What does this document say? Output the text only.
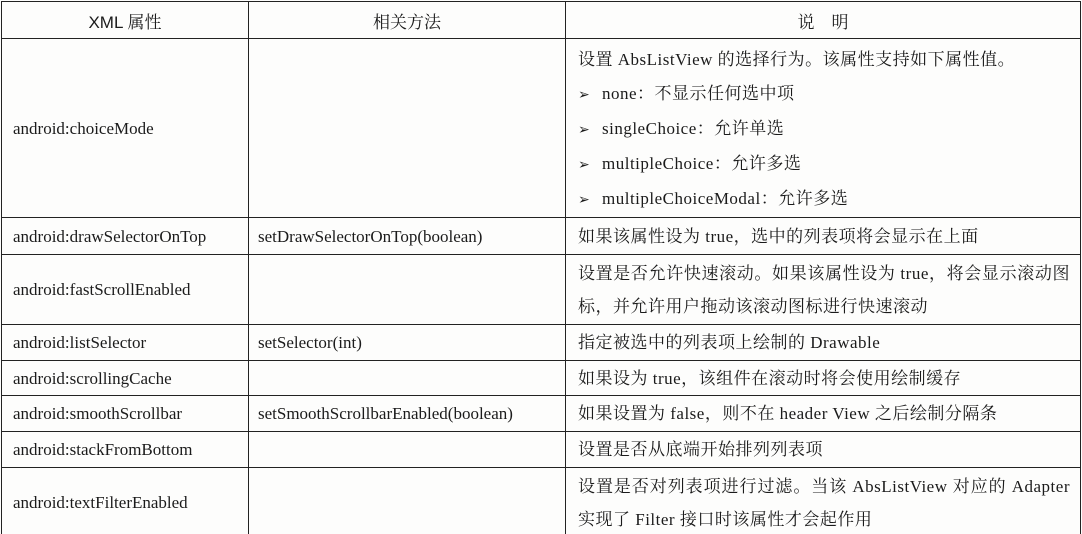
XML 属性	相关方法	说　明
android:choiceMode		设置 AbsListView 的选择行为。该属性支持如下属性值。
➢none：不显示任何选中项
➢singleChoice：允许单选
➢multipleChoice：允许多选
➢multipleChoiceModal：允许多选

android:drawSelectorOnTop	setDrawSelectorOnTop(boolean)	如果该属性设为 true，选中的列表项将会显示在上面
android:fastScrollEnabled		设置是否允许快速滚动。如果该属性设为 true，将会显示滚动图标，并允许用户拖动该滚动图标进行快速滚动
android:listSelector	setSelector(int)	指定被选中的列表项上绘制的 Drawable
android:scrollingCache		如果设为 true，该组件在滚动时将会使用绘制缓存
android:smoothScrollbar	setSmoothScrollbarEnabled(boolean)	如果设置为 false，则不在 header View 之后绘制分隔条
android:stackFromBottom		设置是否从底端开始排列列表项
android:textFilterEnabled		设置是否对列表项进行过滤。当该 AbsListView 对应的 Adapter 实现了 Filter 接口时该属性才会起作用
